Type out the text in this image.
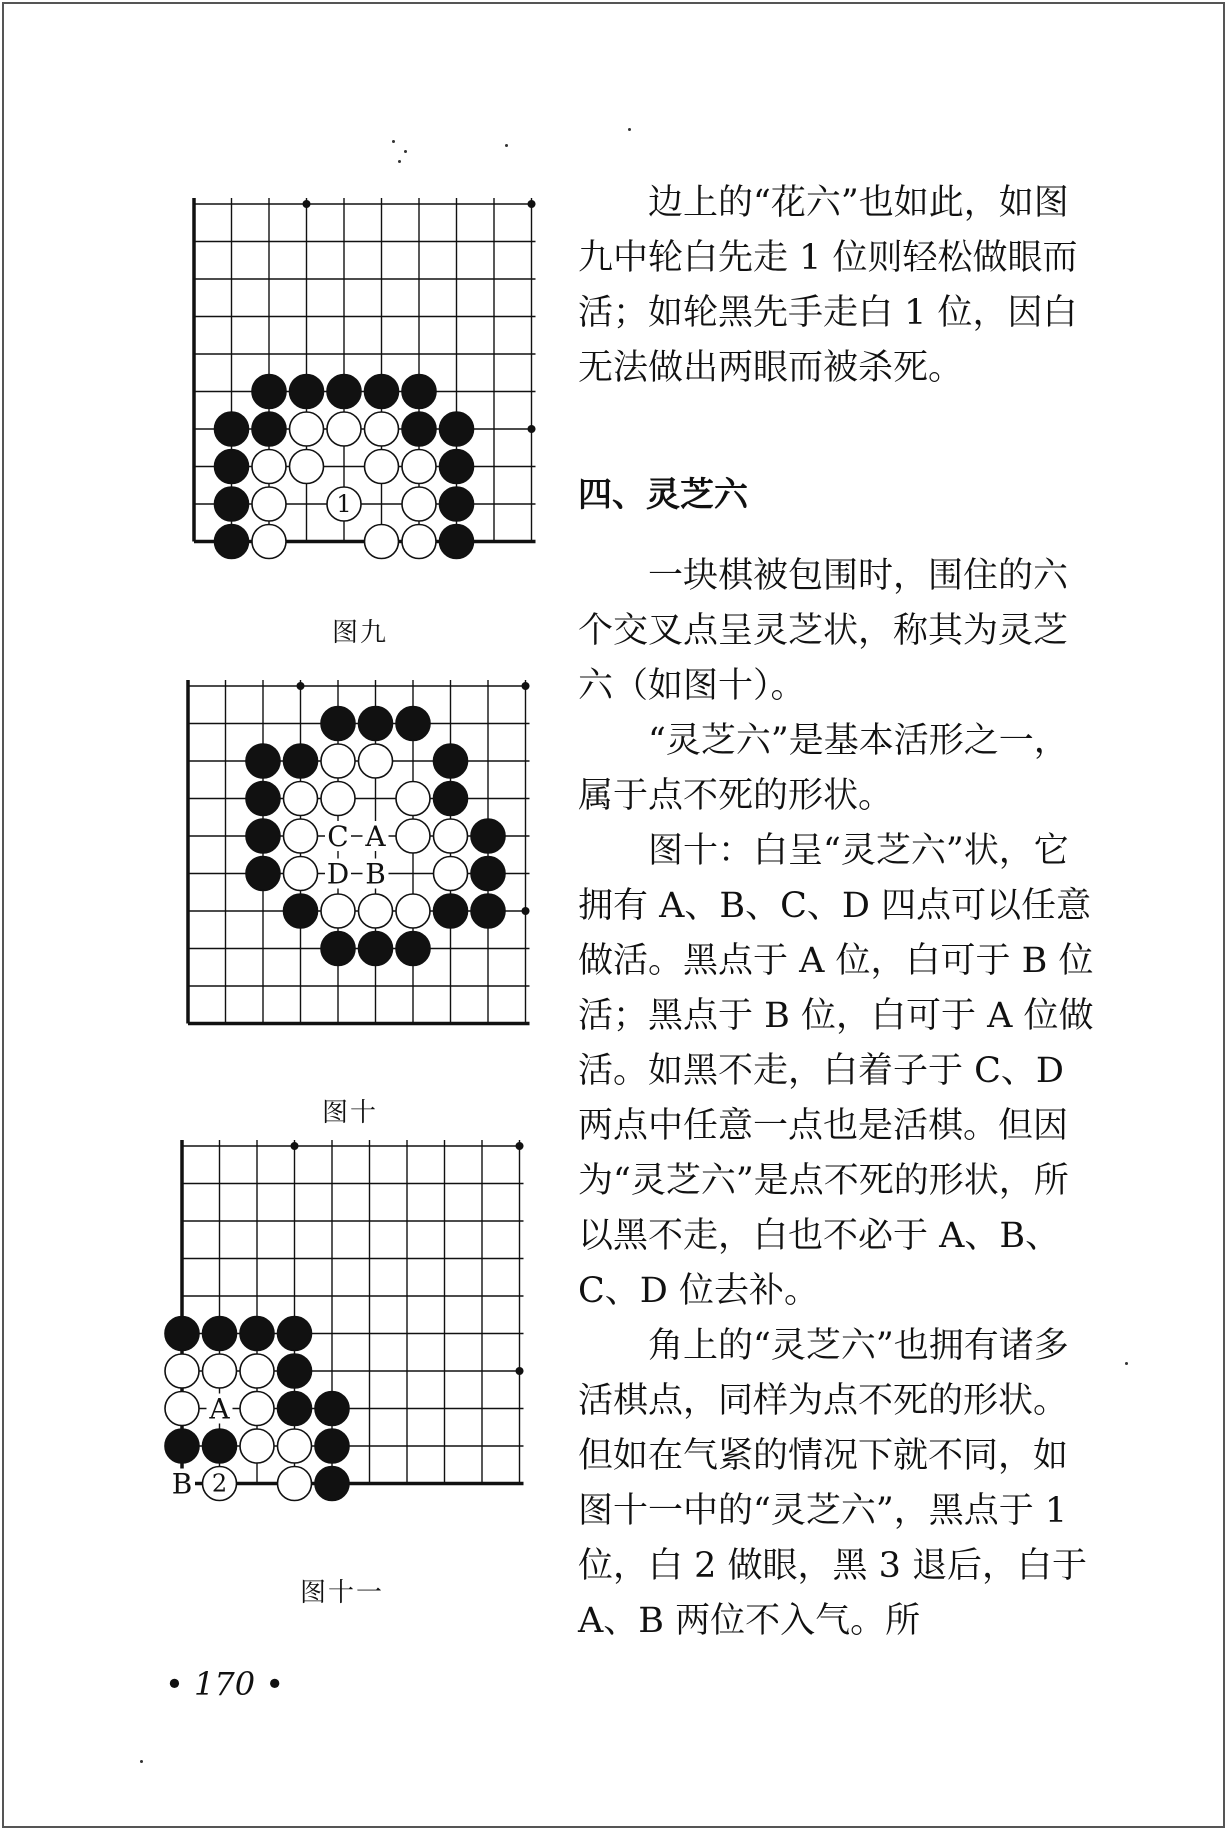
1
图九
C A
D B
图十
2
A
B
图十一

边上的“花六”也如此，如图九中轮白先走 1 位则轻松做眼而活；如轮黑先手走白 1 位，因白无法做出两眼而被杀死。

四、灵芝六

一块棋被包围时，围住的六个交叉点呈灵芝状，称其为灵芝六（如图十）。

“灵芝六”是基本活形之一，属于点不死的形状。

图十：白呈“灵芝六”状，它拥有 A、B、C、D 四点可以任意做活。黑点于 A 位，白可于 B 位活；黑点于 B 位，白可于 A 位做活。如黑不走，白着子于 C、D 两点中任意一点也是活棋。但因为“灵芝六”是点不死的形状，所以黑不走，白也不必于 A、B、C、D 位去补。

角上的“灵芝六”也拥有诸多活棋点，同样为点不死的形状。但如在气紧的情况下就不同，如图十一中的“灵芝六”，黑点于 1 位，白 2 做眼，黑 3 退后，白于 A、B 两位不入气。所

• 170 •
